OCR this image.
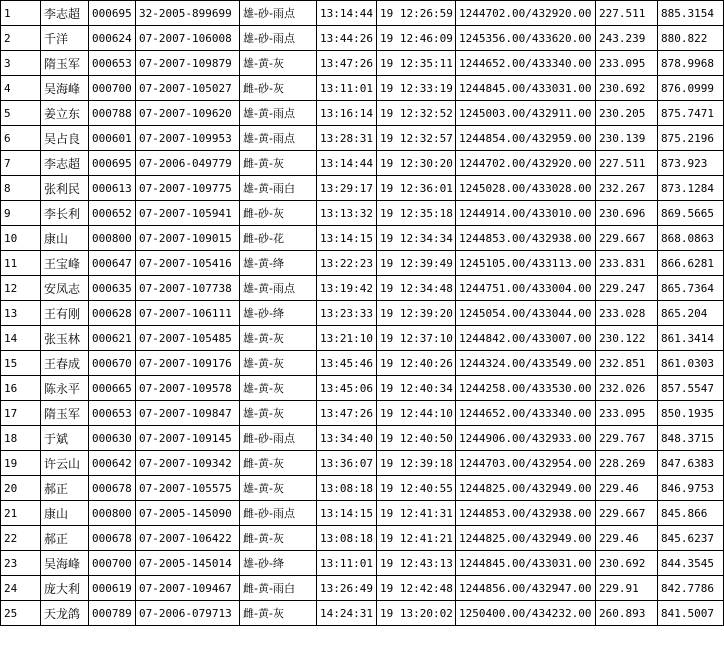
1	李志超	000695	32-2005-899699	雄-砂-雨点	13:14:44	19 12:26:59	1244702.00/432920.00	227.511	885.3154
2	千洋	000624	07-2007-106008	雄-砂-雨点	13:44:26	19 12:46:09	1245356.00/433620.00	243.239	880.822
3	隋玉军	000653	07-2007-109879	雄-黄-灰	13:47:26	19 12:35:11	1244652.00/433340.00	233.095	878.9968
4	吴海峰	000700	07-2007-105027	雌-砂-灰	13:11:01	19 12:33:19	1244845.00/433031.00	230.692	876.0999
5	姜立东	000788	07-2007-109620	雄-黄-雨点	13:16:14	19 12:32:52	1245003.00/432911.00	230.205	875.7471
6	吴占良	000601	07-2007-109953	雄-黄-雨点	13:28:31	19 12:32:57	1244854.00/432959.00	230.139	875.2196
7	李志超	000695	07-2006-049779	雌-黄-灰	13:14:44	19 12:30:20	1244702.00/432920.00	227.511	873.923
8	张利民	000613	07-2007-109775	雄-黄-雨白	13:29:17	19 12:36:01	1245028.00/433028.00	232.267	873.1284
9	李长利	000652	07-2007-105941	雌-砂-灰	13:13:32	19 12:35:18	1244914.00/433010.00	230.696	869.5665
10	康山	000800	07-2007-109015	雌-砂-花	13:14:15	19 12:34:34	1244853.00/432938.00	229.667	868.0863
11	王宝峰	000647	07-2007-105416	雄-黄-绛	13:22:23	19 12:39:49	1245105.00/433113.00	233.831	866.6281
12	安凤志	000635	07-2007-107738	雄-黄-雨点	13:19:42	19 12:34:48	1244751.00/433004.00	229.247	865.7364
13	王有刚	000628	07-2007-106111	雄-砂-绛	13:23:33	19 12:39:20	1245054.00/433044.00	233.028	865.204
14	张玉林	000621	07-2007-105485	雄-黄-灰	13:21:10	19 12:37:10	1244842.00/433007.00	230.122	861.3414
15	王春成	000670	07-2007-109176	雄-黄-灰	13:45:46	19 12:40:26	1244324.00/433549.00	232.851	861.0303
16	陈永平	000665	07-2007-109578	雄-黄-灰	13:45:06	19 12:40:34	1244258.00/433530.00	232.026	857.5547
17	隋玉军	000653	07-2007-109847	雄-黄-灰	13:47:26	19 12:44:10	1244652.00/433340.00	233.095	850.1935
18	于斌	000630	07-2007-109145	雌-砂-雨点	13:34:40	19 12:40:50	1244906.00/432933.00	229.767	848.3715
19	许云山	000642	07-2007-109342	雌-黄-灰	13:36:07	19 12:39:18	1244703.00/432954.00	228.269	847.6383
20	郝正	000678	07-2007-105575	雄-黄-灰	13:08:18	19 12:40:55	1244825.00/432949.00	229.46	846.9753
21	康山	000800	07-2005-145090	雌-砂-雨点	13:14:15	19 12:41:31	1244853.00/432938.00	229.667	845.866
22	郝正	000678	07-2007-106422	雌-黄-灰	13:08:18	19 12:41:21	1244825.00/432949.00	229.46	845.6237
23	吴海峰	000700	07-2005-145014	雄-砂-绛	13:11:01	19 12:43:13	1244845.00/433031.00	230.692	844.3545
24	庞大利	000619	07-2007-109467	雌-黄-雨白	13:26:49	19 12:42:48	1244856.00/432947.00	229.91	842.7786
25	天龙鸽	000789	07-2006-079713	雌-黄-灰	14:24:31	19 13:20:02	1250400.00/434232.00	260.893	841.5007
